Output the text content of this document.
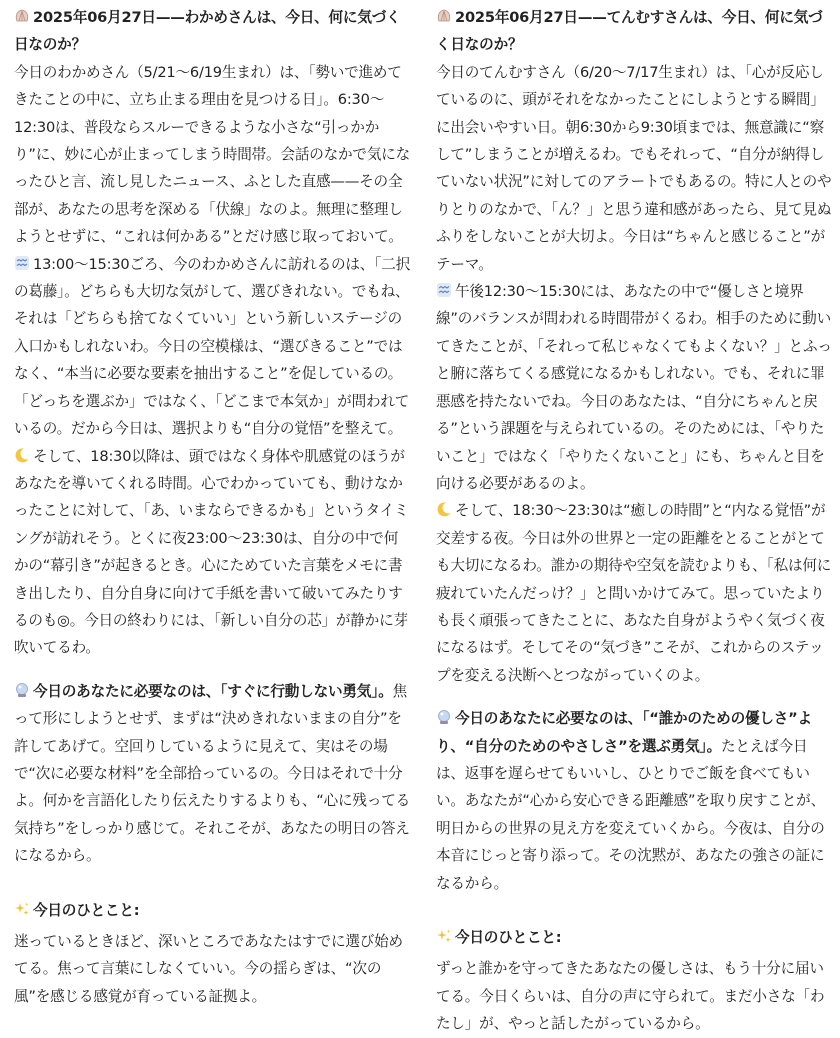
2025年06月27日——わかめさんは、今日、何に気づく日なのか？

今日のわかめさん（5/21〜6/19生まれ）は、「勢いで進めてきたことの中に、立ち止まる理由を見つける日」。6:30〜12:30は、普段ならスルーできるような小さな“引っかかり”に、妙に心が止まってしまう時間帯。会話のなかで気になったひと言、流し見したニュース、ふとした直感——その全部が、あなたの思考を深める「伏線」なのよ。無理に整理しようとせずに、“これは何かある”とだけ感じ取っておいて。

13:00〜15:30ごろ、今のわかめさんに訪れるのは、「二択の葛藤」。どちらも大切な気がして、選びきれない。でもね、それは「どちらも捨てなくていい」という新しいステージの入口かもしれないわ。今日の空模様は、“選びきること”ではなく、“本当に必要な要素を抽出すること”を促しているの。「どっちを選ぶか」ではなく、「どこまで本気か」が問われているの。だから今日は、選択よりも“自分の覚悟”を整えて。

そして、18:30以降は、頭ではなく身体や肌感覚のほうがあなたを導いてくれる時間。心でわかっていても、動けなかったことに対して、「あ、いまならできるかも」というタイミングが訪れそう。とくに夜23:00〜23:30は、自分の中で何かの“幕引き”が起きるとき。心にためていた言葉をメモに書き出したり、自分自身に向けて手紙を書いて破いてみたりするのも◎。今日の終わりには、「新しい自分の芯」が静かに芽吹いてるわ。

今日のあなたに必要なのは、「すぐに行動しない勇気」。焦って形にしようとせず、まずは“決めきれないままの自分”を許してあげて。空回りしているように見えて、実はその場で“次に必要な材料”を全部拾っているの。今日はそれで十分よ。何かを言語化したり伝えたりするよりも、“心に残ってる気持ち”をしっかり感じて。それこそが、あなたの明日の答えになるから。

今日のひとこと:

迷っているときほど、深いところであなたはすでに選び始めてる。焦って言葉にしなくていい。今の揺らぎは、“次の風”を感じる感覚が育っている証拠よ。

2025年06月27日——てんむすさんは、今日、何に気づく日なのか？

今日のてんむすさん（6/20〜7/17生まれ）は、「心が反応しているのに、頭がそれをなかったことにしようとする瞬間」に出会いやすい日。朝6:30から9:30頃までは、無意識に“察して”しまうことが増えるわ。でもそれって、“自分が納得していない状況”に対してのアラートでもあるの。特に人とのやりとりのなかで、「ん？」と思う違和感があったら、見て見ぬふりをしないことが大切よ。今日は“ちゃんと感じること”がテーマ。

午後12:30〜15:30には、あなたの中で“優しさと境界線”のバランスが問われる時間帯がくるわ。相手のために動いてきたことが、「それって私じゃなくてもよくない？」とふっと腑に落ちてくる感覚になるかもしれない。でも、それに罪悪感を持たないでね。今日のあなたは、“自分にちゃんと戻る”という課題を与えられているの。そのためには、「やりたいこと」ではなく「やりたくないこと」にも、ちゃんと目を向ける必要があるのよ。

そして、18:30〜23:30は“癒しの時間”と“内なる覚悟”が交差する夜。今日は外の世界と一定の距離をとることがとても大切になるわ。誰かの期待や空気を読むよりも、「私は何に疲れていたんだっけ？」と問いかけてみて。思っていたよりも長く頑張ってきたことに、あなた自身がようやく気づく夜になるはず。そしてその“気づき”こそが、これからのステップを変える決断へとつながっていくのよ。

今日のあなたに必要なのは、「“誰かのための優しさ”より、“自分のためのやさしさ”を選ぶ勇気」。たとえば今日は、返事を遅らせてもいいし、ひとりでご飯を食べてもいい。あなたが“心から安心できる距離感”を取り戻すことが、明日からの世界の見え方を変えていくから。今夜は、自分の本音にじっと寄り添って。その沈黙が、あなたの強さの証になるから。

今日のひとこと:

ずっと誰かを守ってきたあなたの優しさは、もう十分に届いてる。今日くらいは、自分の声に守られて。まだ小さな「わたし」が、やっと話したがっているから。
